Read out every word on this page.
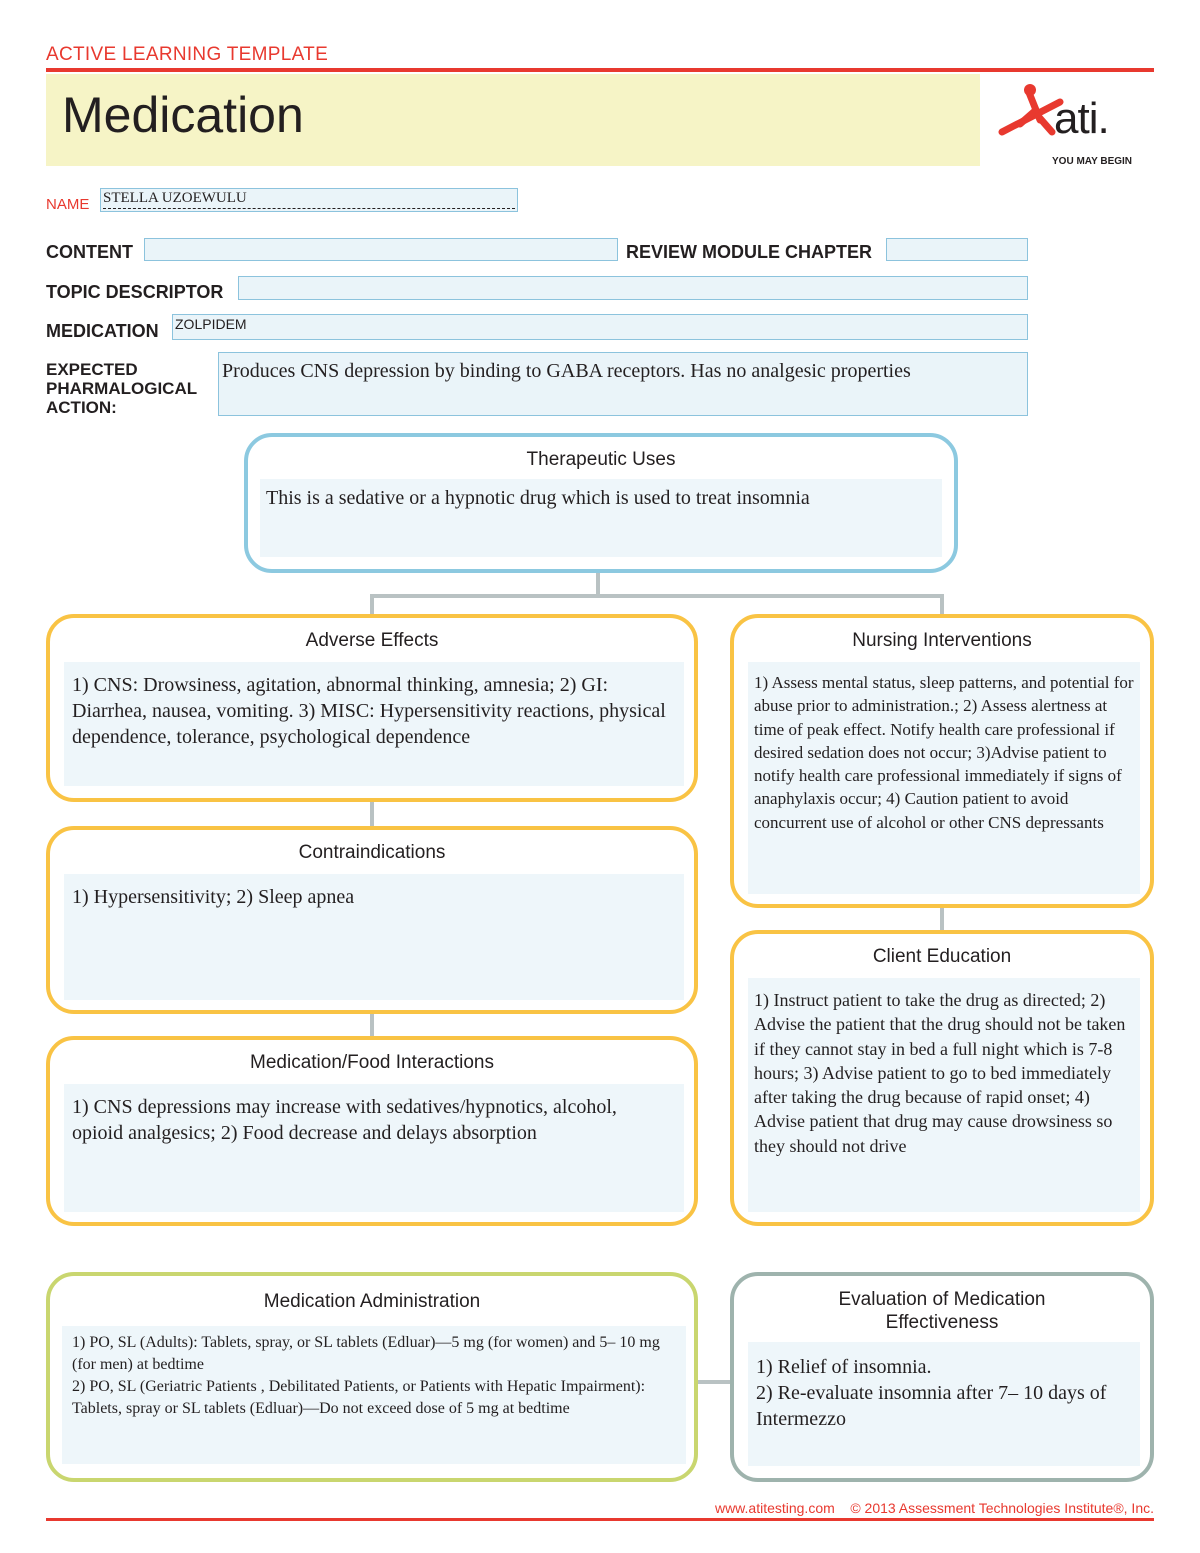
ACTIVE LEARNING TEMPLATE
Medication	ati.
YOU MAY BEGIN
NAME STELLA UZOEWULU
CONTENT	REVIEW MODULE CHAPTER
TOPIC DESCRIPTOR
MEDICATION ZOLPIDEM
EXPECTED PHARMALOGICAL ACTION:
Produces CNS depression by binding to GABA receptors. Has no analgesic properties
Therapeutic Uses
This is a sedative or a hypnotic drug which is used to treat insomnia
Adverse Effects
1) CNS: Drowsiness, agitation, abnormal thinking, amnesia; 2) GI: Diarrhea, nausea, vomiting. 3) MISC: Hypersensitivity reactions, physical dependence, tolerance, psychological dependence
Nursing Interventions
1) Assess mental status, sleep patterns, and potential for abuse prior to administration.; 2) Assess alertness at time of peak effect. Notify health care professional if desired sedation does not occur; 3)Advise patient to notify health care professional immediately if signs of anaphylaxis occur; 4) Caution patient to avoid concurrent use of alcohol or other CNS depressants
Contraindications
1) Hypersensitivity; 2) Sleep apnea
Client Education
1) Instruct patient to take the drug as directed; 2) Advise the patient that the drug should not be taken if they cannot stay in bed a full night which is 7-8 hours; 3) Advise patient to go to bed immediately after taking the drug because of rapid onset; 4) Advise patient that drug may cause drowsiness so they should not drive
Medication/Food Interactions
1) CNS depressions may increase with sedatives/hypnotics, alcohol, opioid analgesics; 2) Food decrease and delays absorption
Medication Administration
1) PO, SL (Adults): Tablets, spray, or SL tablets (Edluar)—5 mg (for women) and 5– 10 mg (for men) at bedtime
2) PO, SL (Geriatric Patients , Debilitated Patients, or Patients with Hepatic Impairment): Tablets, spray or SL tablets (Edluar)—Do not exceed dose of 5 mg at bedtime
Evaluation of Medication Effectiveness
1) Relief of insomnia.
2) Re-evaluate insomnia after 7– 10 days of Intermezzo
www.atitesting.com © 2013 Assessment Technologies Institute®, Inc.
